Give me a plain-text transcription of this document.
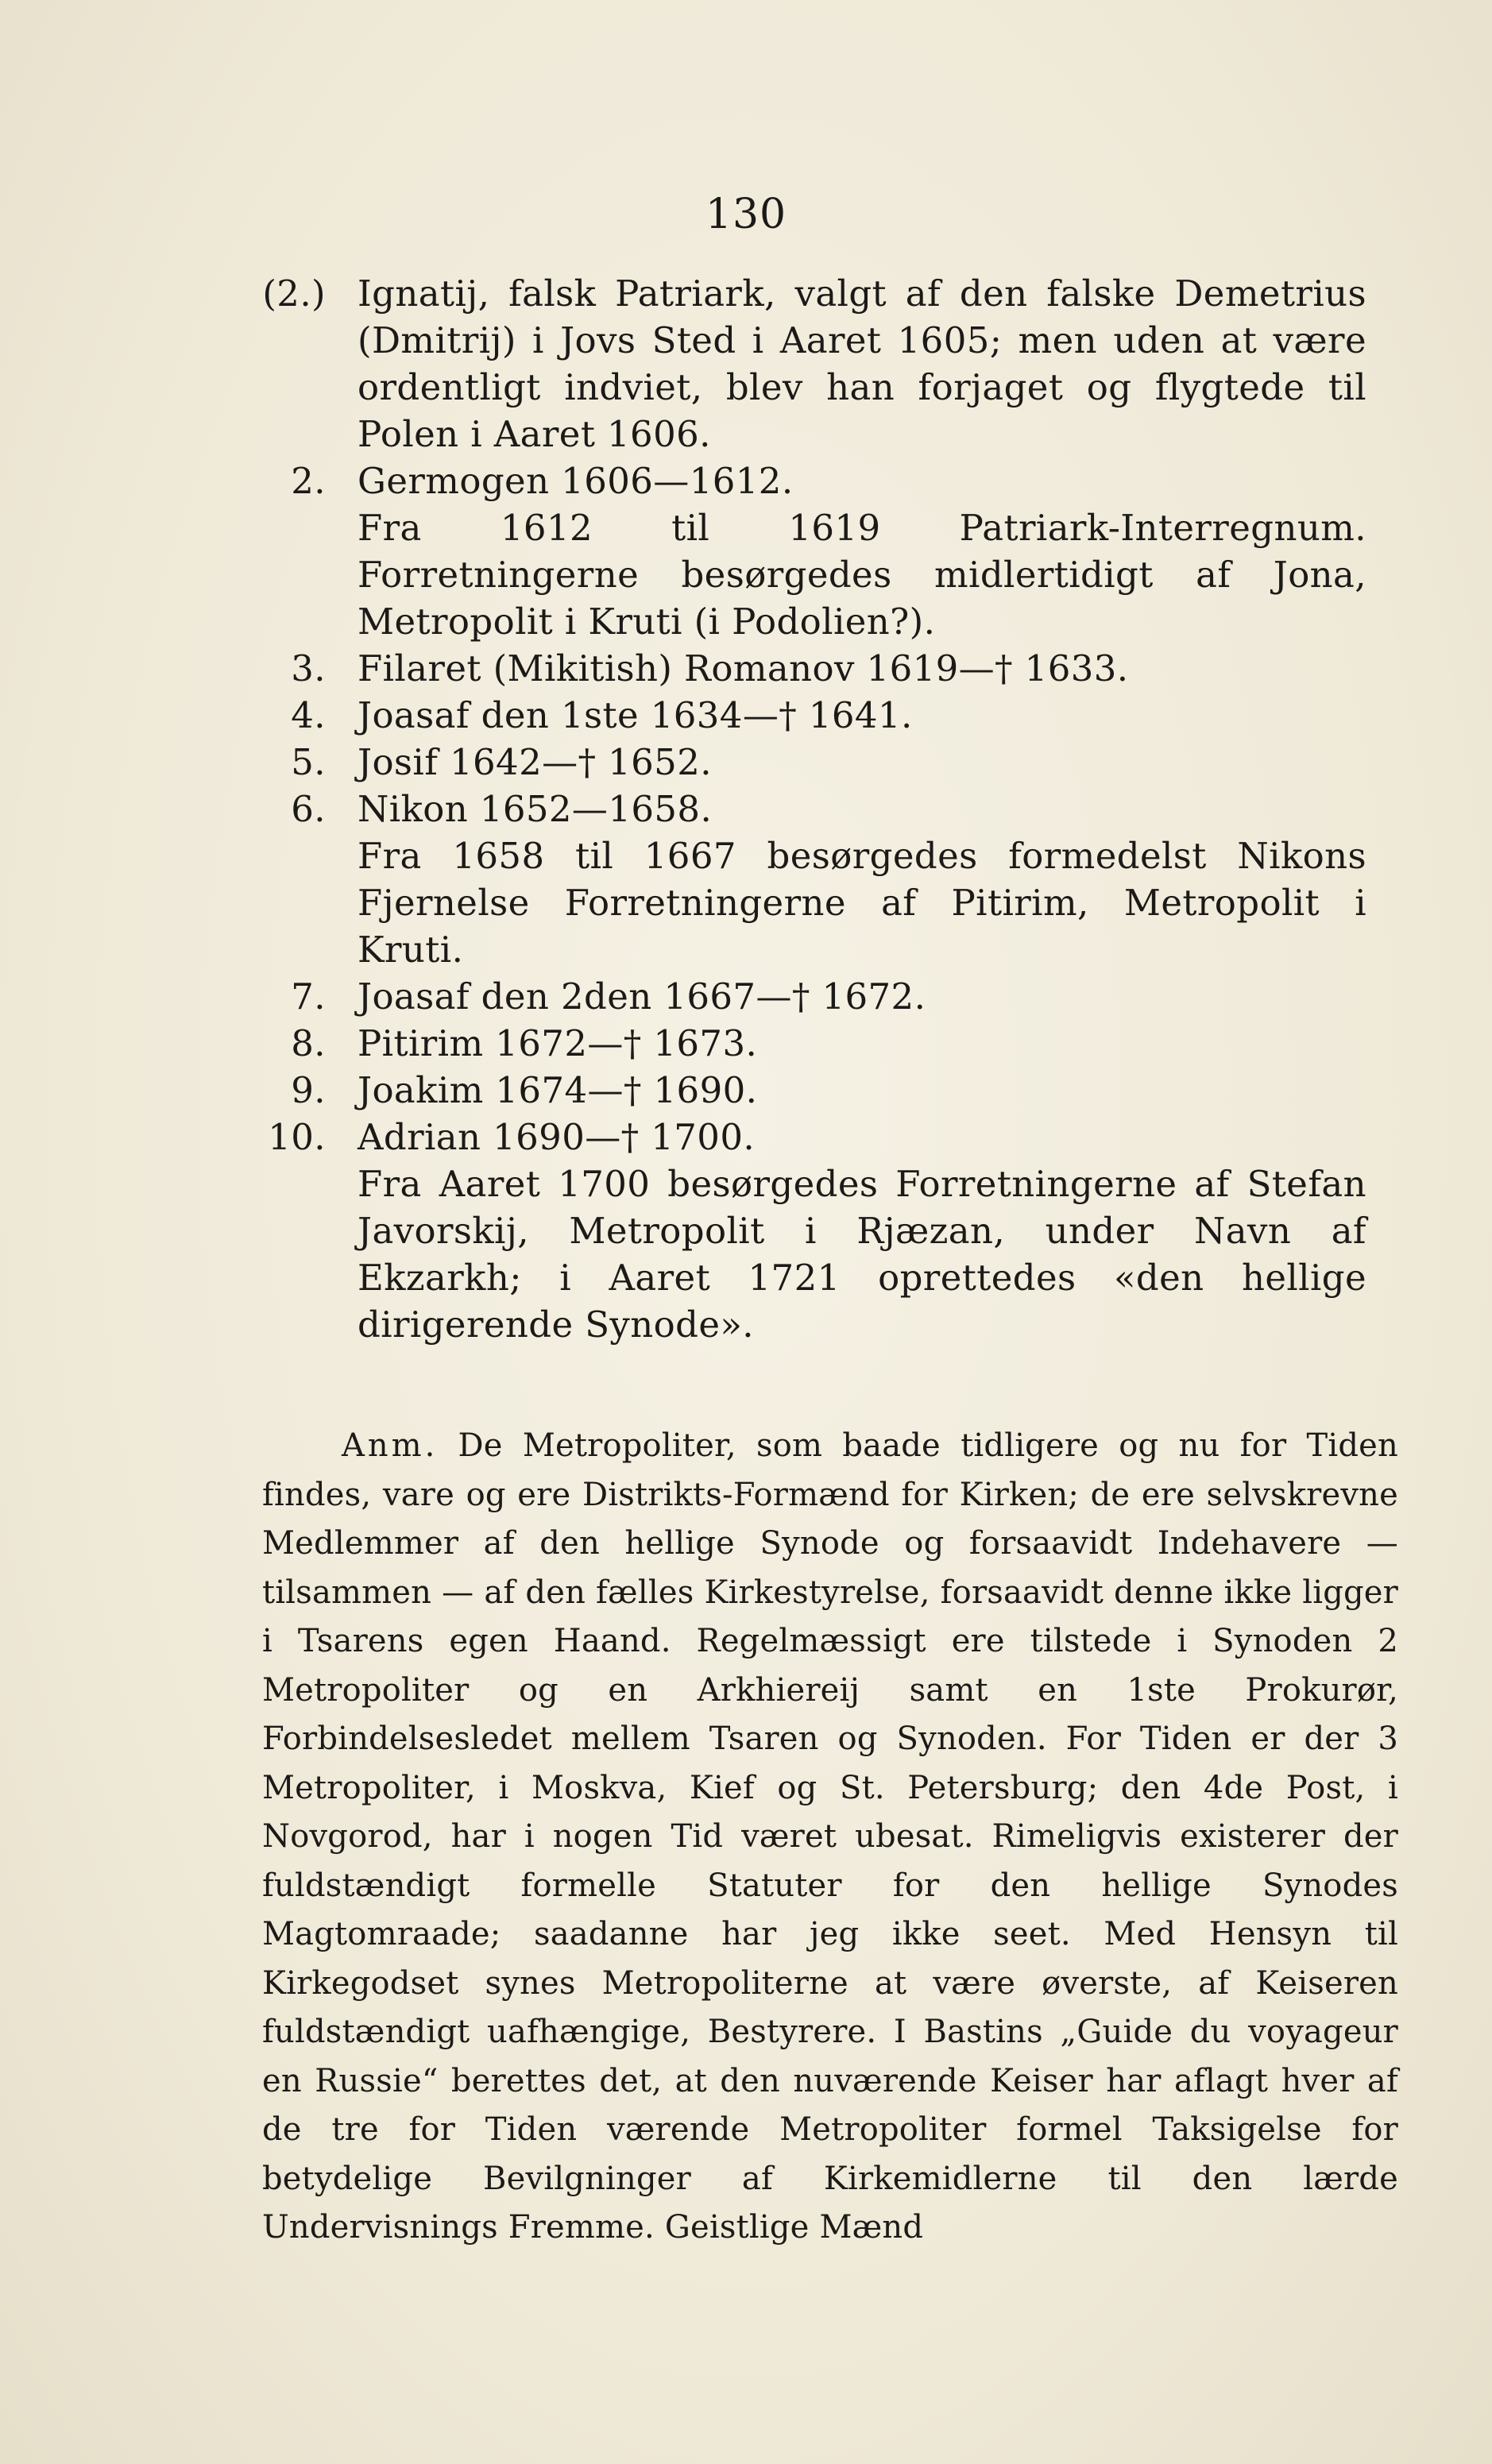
130
(2.) Ignatij, falsk Patriark, valgt af den falske Demetrius (Dmitrij) i Jovs Sted i Aaret 1605; men uden at være ordentligt indviet, blev han forjaget og flygtede til Polen i Aaret 1606.
2. Germogen 1606—1612.
Fra 1612 til 1619 Patriark-Interregnum. Forretningerne besørgedes midlertidigt af Jona, Metropolit i Kruti (i Podolien?).
3. Filaret (Mikitish) Romanov 1619—† 1633.
4. Joasaf den 1ste 1634—† 1641.
5. Josif 1642—† 1652.
6. Nikon 1652—1658.
Fra 1658 til 1667 besørgedes formedelst Nikons Fjernelse Forretningerne af Pitirim, Metropolit i Kruti.
7. Joasaf den 2den 1667—† 1672.
8. Pitirim 1672—† 1673.
9. Joakim 1674—† 1690.
10. Adrian 1690—† 1700.
Fra Aaret 1700 besørgedes Forretningerne af Stefan Javorskij, Metropolit i Rjæzan, under Navn af Ekzarkh; i Aaret 1721 oprettedes «den hellige dirigerende Synode».
Anm. De Metropoliter, som baade tidligere og nu for Tiden findes, vare og ere Distrikts-Formænd for Kirken; de ere selvskrevne Medlemmer af den hellige Synode og forsaavidt Indehavere — tilsammen — af den fælles Kirkestyrelse, forsaavidt denne ikke ligger i Tsarens egen Haand. Regelmæssigt ere tilstede i Synoden 2 Metropoliter og en Arkhiereij samt en 1ste Prokurør, Forbindelsesledet mellem Tsaren og Synoden. For Tiden er der 3 Metropoliter, i Moskva, Kief og St. Petersburg; den 4de Post, i Novgorod, har i nogen Tid været ubesat. Rimeligvis existerer der fuldstændigt formelle Statuter for den hellige Synodes Magtomraade; saadanne har jeg ikke seet. Med Hensyn til Kirkegodset synes Metropoliterne at være øverste, af Keiseren fuldstændigt uafhængige, Bestyrere. I Bastins „Guide du voyageur en Russie“ berettes det, at den nuværende Keiser har aflagt hver af de tre for Tiden værende Metropoliter formel Taksigelse for betydelige Bevilgninger af Kirkemidlerne til den lærde Undervisnings Fremme. Geistlige Mænd
